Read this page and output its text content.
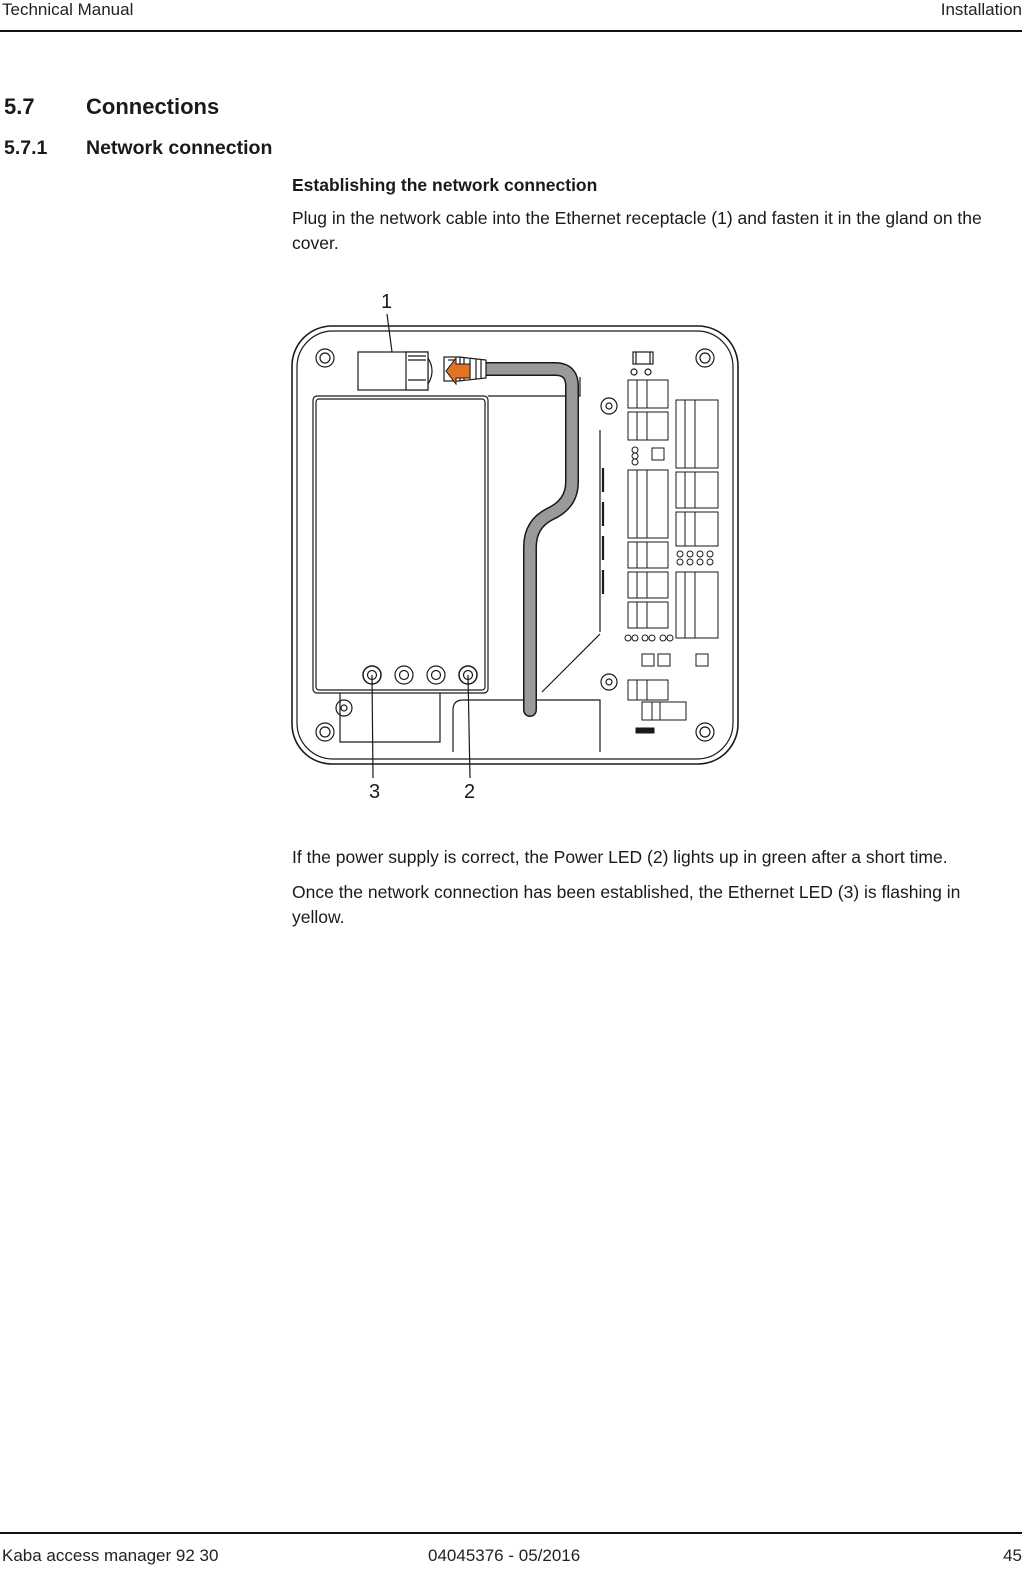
Technical Manual	Installation
5.7 Connections
5.7.1 Network connection
Establishing the network connection
Plug in the network cable into the Ethernet receptacle (1) and fasten it in the gland on the cover.
1
3	2
If the power supply is correct, the Power LED (2) lights up in green after a short time.
Once the network connection has been established, the Ethernet LED (3) is flashing in yellow.
Kaba access manager 92 30	04045376 - 05/2016	45
